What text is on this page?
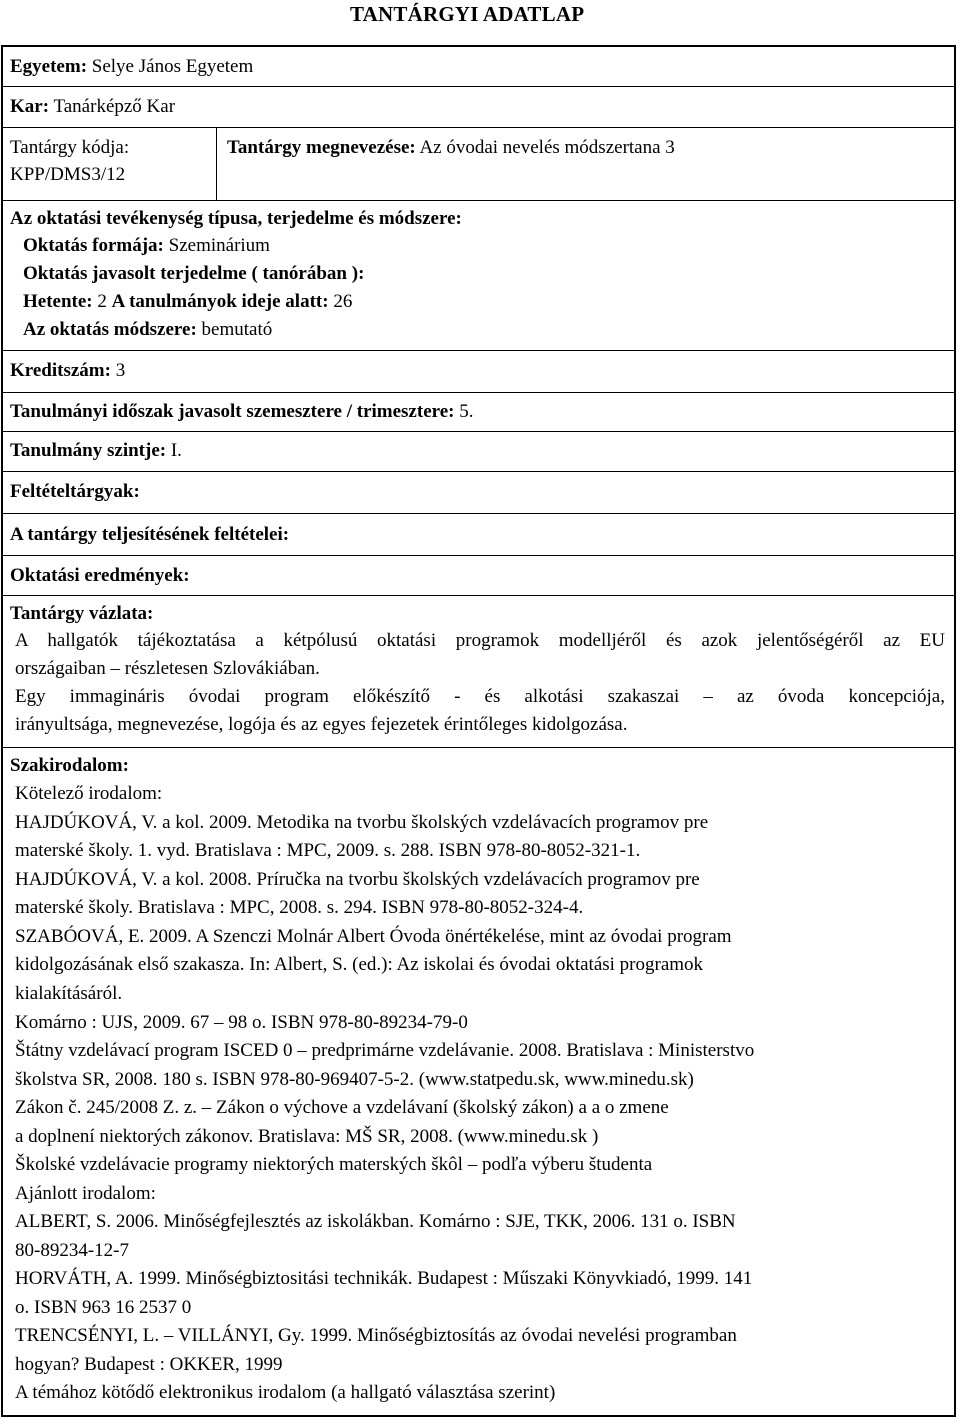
TANTÁRGYI ADATLAP
Egyetem: Selye János Egyetem
Kar: Tanárképző Kar
Tantárgy kódja:
KPP/DMS3/12
Tantárgy megnevezése: Az óvodai nevelés módszertana 3
Az oktatási tevékenység típusa, terjedelme és módszere:
Oktatás formája: Szeminárium
Oktatás javasolt terjedelme ( tanórában ):
Hetente: 2 A tanulmányok ideje alatt: 26
Az oktatás módszere: bemutató
Kreditszám: 3
Tanulmányi időszak javasolt szemesztere / trimesztere: 5.
Tanulmány szintje: I.
Feltételtárgyak:
A tantárgy teljesítésének feltételei:
Oktatási eredmények:
Tantárgy vázlata:
A hallgatók tájékoztatása a kétpólusú oktatási programok modelljéről és azok jelentőségéről az EU
országaiban – részletesen Szlovákiában.
Egy immagináris óvodai program előkészítő - és alkotási szakaszai – az óvoda koncepciója,
irányultsága, megnevezése, logója és az egyes fejezetek érintőleges kidolgozása.
Szakirodalom:
Kötelező irodalom:
HAJDÚKOVÁ, V. a kol. 2009. Metodika na tvorbu školských vzdelávacích programov pre
materské školy. 1. vyd. Bratislava : MPC, 2009. s. 288. ISBN 978-80-8052-321-1.
HAJDÚKOVÁ, V. a kol. 2008. Príručka na tvorbu školských vzdelávacích programov pre
materské školy. Bratislava : MPC, 2008. s. 294. ISBN 978-80-8052-324-4.
SZABÓOVÁ, E. 2009. A Szenczi Molnár Albert Óvoda önértékelése, mint az óvodai program
kidolgozásának első szakasza. In: Albert, S. (ed.): Az iskolai és óvodai oktatási programok
kialakításáról.
Komárno : UJS, 2009. 67 – 98 o. ISBN 978-80-89234-79-0
Štátny vzdelávací program ISCED 0 – predprimárne vzdelávanie. 2008. Bratislava : Ministerstvo
školstva SR, 2008. 180 s. ISBN 978-80-969407-5-2. (www.statpedu.sk, www.minedu.sk)
Zákon č. 245/2008 Z. z. – Zákon o výchove a vzdelávaní (školský zákon) a a o zmene
a doplnení niektorých zákonov. Bratislava: MŠ SR, 2008. (www.minedu.sk )
Školské vzdelávacie programy niektorých materských škôl – podľa výberu študenta
Ajánlott irodalom:
ALBERT, S. 2006. Minőségfejlesztés az iskolákban. Komárno : SJE, TKK, 2006. 131 o. ISBN
80-89234-12-7
HORVÁTH, A. 1999. Minőségbiztositási technikák. Budapest : Műszaki Könyvkiadó, 1999. 141
o. ISBN 963 16 2537 0
TRENCSÉNYI, L. – VILLÁNYI, Gy. 1999. Minőségbiztosítás az óvodai nevelési programban
hogyan? Budapest : OKKER, 1999
A témához kötődő elektronikus irodalom (a hallgató választása szerint)
